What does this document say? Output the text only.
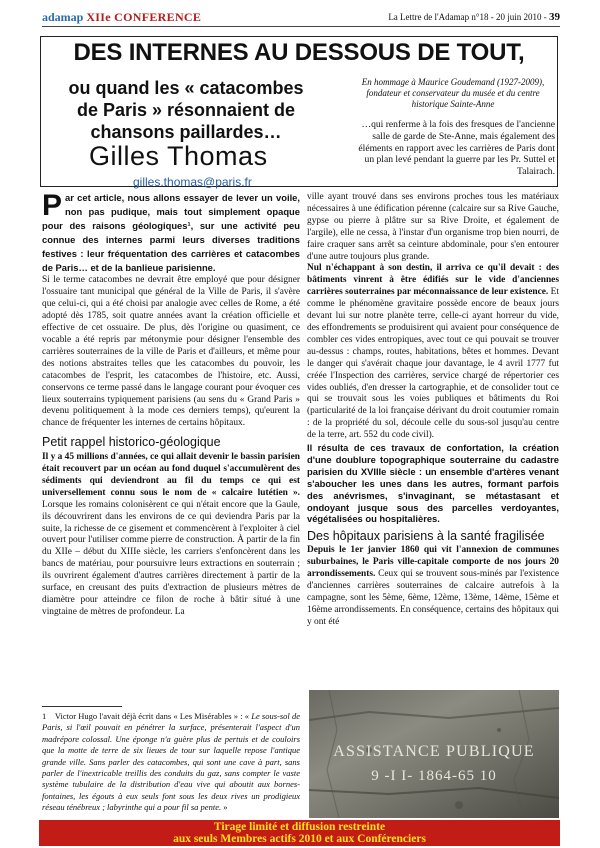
adamap XIIe CONFERENCE	La Lettre de l'Adamap n°18 - 20 juin 2010 - 39
DES INTERNES AU DESSOUS DE TOUT,
ou quand les « catacombes de Paris » résonnaient de chansons paillardes…
Gilles Thomas
gilles.thomas@paris.fr
En hommage à Maurice Goudemand (1927-2009), fondateur et conservateur du musée et du centre historique Sainte-Anne
…qui renferme à la fois des fresques de l'ancienne salle de garde de Ste-Anne, mais également des éléments en rapport avec les carrières de Paris dont un plan levé pendant la guerre par les Pr. Suttel et Talairach.

Par cet article, nous allons essayer de lever un voile, non pas pudique, mais tout simplement opaque pour des raisons géologiques¹, sur une activité peu connue des internes parmi leurs diverses traditions festives : leur fréquentation des carrières et catacombes de Paris… et de la banlieue parisienne.

Si le terme catacombes ne devrait être employé que pour désigner l'ossuaire tant municipal que général de la Ville de Paris, il s'avère que celui-ci, qui a été choisi par analogie avec celles de Rome, a été adopté dès 1785, soit quatre années avant la création officielle et effective de cet ossuaire. De plus, dès l'origine ou quasiment, ce vocable a été repris par métonymie pour désigner l'ensemble des carrières souterraines de la ville de Paris et d'ailleurs, et même pour des notions abstraites telles que les catacombes du pouvoir, les catacombes de l'esprit, les catacombes de l'histoire, etc. Aussi, conservons ce terme passé dans le langage courant pour évoquer ces lieux souterrains typiquement parisiens (au sens du « Grand Paris » devenu politiquement à la mode ces derniers temps), qu'eurent la chance de fréquenter les internes de certains hôpitaux.

Petit rappel historico-géologique

Il y a 45 millions d'années, ce qui allait devenir le bassin parisien était recouvert par un océan au fond duquel s'accumulèrent des sédiments qui deviendront au fil du temps ce qui est universellement connu sous le nom de « calcaire lutétien ». Lorsque les romains colonisèrent ce qui n'était encore que la Gaule, ils découvrirent dans les environs de ce qui deviendra Paris par la suite, la richesse de ce gisement et commencèrent à l'exploiter à ciel ouvert pour l'utiliser comme pierre de construction. À partir de la fin du XIIe – début du XIIIe siècle, les carriers s'enfoncèrent dans les bancs de matériau, pour poursuivre leurs extractions en souterrain ; ils ouvrirent également d'autres carrières directement à partir de la surface, en creusant des puits d'extraction de plusieurs mètres de diamètre pour atteindre ce filon de roche à bâtir situé à une vingtaine de mètres de profondeur. La

ville ayant trouvé dans ses environs proches tous les matériaux nécessaires à une édification pérenne (calcaire sur sa Rive Gauche, gypse ou pierre à plâtre sur sa Rive Droite, et également de l'argile), elle ne cessa, à l'instar d'un organisme trop bien nourri, de faire craquer sans arrêt sa ceinture abdominale, pour s'en entourer d'une autre toujours plus grande.

Nul n'échappant à son destin, il arriva ce qu'il devait : des bâtiments vinrent à être édifiés sur le vide d'anciennes carrières souterraines par méconnaissance de leur existence. Et comme le phénomène gravitaire possède encore de beaux jours devant lui sur notre planète terre, celle-ci ayant horreur du vide, des effondrements se produisirent qui avaient pour conséquence de combler ces vides entropiques, avec tout ce qui pouvait se trouver au-dessus : champs, routes, habitations, bêtes et hommes. Devant le danger qui s'avérait chaque jour davantage, le 4 avril 1777 fut créée l'Inspection des carrières, service chargé de répertorier ces vides oubliés, d'en dresser la cartographie, et de consolider tout ce qui se trouvait sous les voies publiques et bâtiments du Roi (particularité de la loi française dérivant du droit coutumier romain : de la propriété du sol, découle celle du sous-sol jusqu'au centre de la terre, art. 552 du code civil).

Il résulta de ces travaux de confortation, la création d'une doublure topographique souterraine du cadastre parisien du XVIIIe siècle : un ensemble d'artères venant s'aboucher les unes dans les autres, formant parfois des anévrismes, s'invaginant, se métastasant et ondoyant jusque sous des parcelles verdoyantes, végétalisées ou hospitalières.

Des hôpitaux parisiens à la santé fragilisée

Depuis le 1er janvier 1860 qui vit l'annexion de communes suburbaines, le Paris ville-capitale comporte de nos jours 20 arrondissements. Ceux qui se trouvent sous-minés par l'existence d'anciennes carrières souterraines de calcaire autrefois à la campagne, sont les 5ème, 6ème, 12ème, 13ème, 14ème, 15ème et 16ème arrondissements. En conséquence, certains des hôpitaux qui y ont été

1 Victor Hugo l'avait déjà écrit dans « Les Misérables » : « Le sous-sol de Paris, si l'œil pouvait en pénétrer la surface, présenterait l'aspect d'un madrépore colossal. Une éponge n'a guère plus de pertuis et de couloirs que la motte de terre de six lieues de tour sur laquelle repose l'antique grande ville. Sans parler des catacombes, qui sont une cave à part, sans parler de l'inextricable treillis des conduits du gaz, sans compter le vaste système tubulaire de la distribution d'eau vive qui aboutit aux bornes-fontaines, les égouts à eux seuls font sous les deux rives un prodigieux réseau ténébreux ; labyrinthe qui a pour fil sa pente. »
ASSISTANCE PUBLIQUE
9 -I I- 1864-65 10
Tirage limité et diffusion restreinte
aux seuls Membres actifs 2010 et aux Conférenciers
